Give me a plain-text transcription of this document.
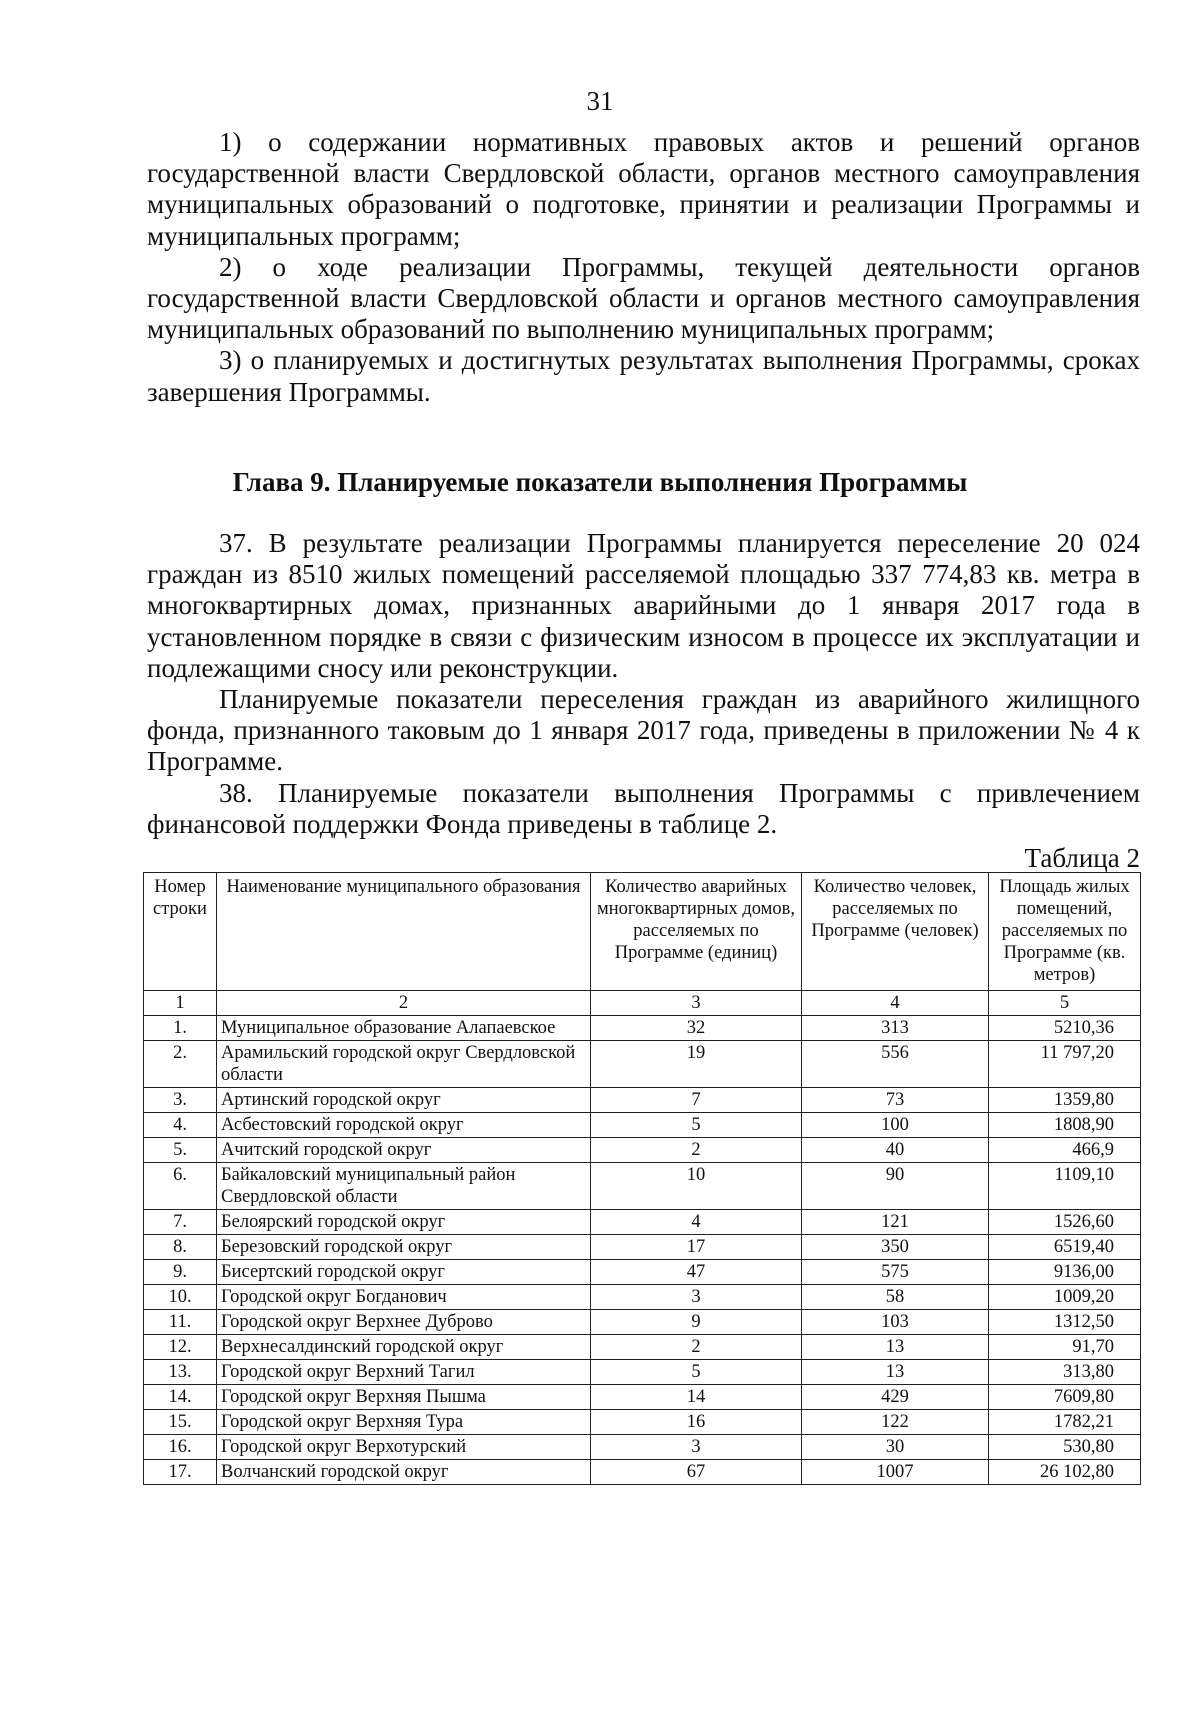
31

1) о содержании нормативных правовых актов и решений органов государственной власти Свердловской области, органов местного самоуправления муниципальных образований о подготовке, принятии и реализации Программы и муниципальных программ;

2) о ходе реализации Программы, текущей деятельности органов государственной власти Свердловской области и органов местного самоуправления муниципальных образований по выполнению муниципальных программ;

3) о планируемых и достигнутых результатах выполнения Программы, сроках завершения Программы.

Глава 9. Планируемые показатели выполнения Программы

37. В результате реализации Программы планируется переселение 20 024 граждан из 8510 жилых помещений расселяемой площадью 337 774,83 кв. метра в многоквартирных домах, признанных аварийными до 1 января 2017 года в установленном порядке в связи с физическим износом в процессе их эксплуатации и подлежащими сносу или реконструкции.

Планируемые показатели переселения граждан из аварийного жилищного фонда, признанного таковым до 1 января 2017 года, приведены в приложении № 4 к Программе.

38. Планируемые показатели выполнения Программы с привлечением финансовой поддержки Фонда приведены в таблице 2.

Таблица 2
Номер строки	Наименование муниципального образования	Количество аварийных многоквартирных домов, расселяемых по Программе (единиц)	Количество человек, расселяемых по Программе (человек)	Площадь жилых помещений, расселяемых по Программе (кв. метров)
1	2	3	4	5
1.	Муниципальное образование Алапаевское	32	313	5210,36
2.	Арамильский городской округ Свердловской области	19	556	11 797,20
3.	Артинский городской округ	7	73	1359,80
4.	Асбестовский городской округ	5	100	1808,90
5.	Ачитский городской округ	2	40	466,9
6.	Байкаловский муниципальный район Свердловской области	10	90	1109,10
7.	Белоярский городской округ	4	121	1526,60
8.	Березовский городской округ	17	350	6519,40
9.	Бисертский городской округ	47	575	9136,00
10.	Городской округ Богданович	3	58	1009,20
11.	Городской округ Верхнее Дуброво	9	103	1312,50
12.	Верхнесалдинский городской округ	2	13	91,70
13.	Городской округ Верхний Тагил	5	13	313,80
14.	Городской округ Верхняя Пышма	14	429	7609,80
15.	Городской округ Верхняя Тура	16	122	1782,21
16.	Городской округ Верхотурский	3	30	530,80
17.	Волчанский городской округ	67	1007	26 102,80
